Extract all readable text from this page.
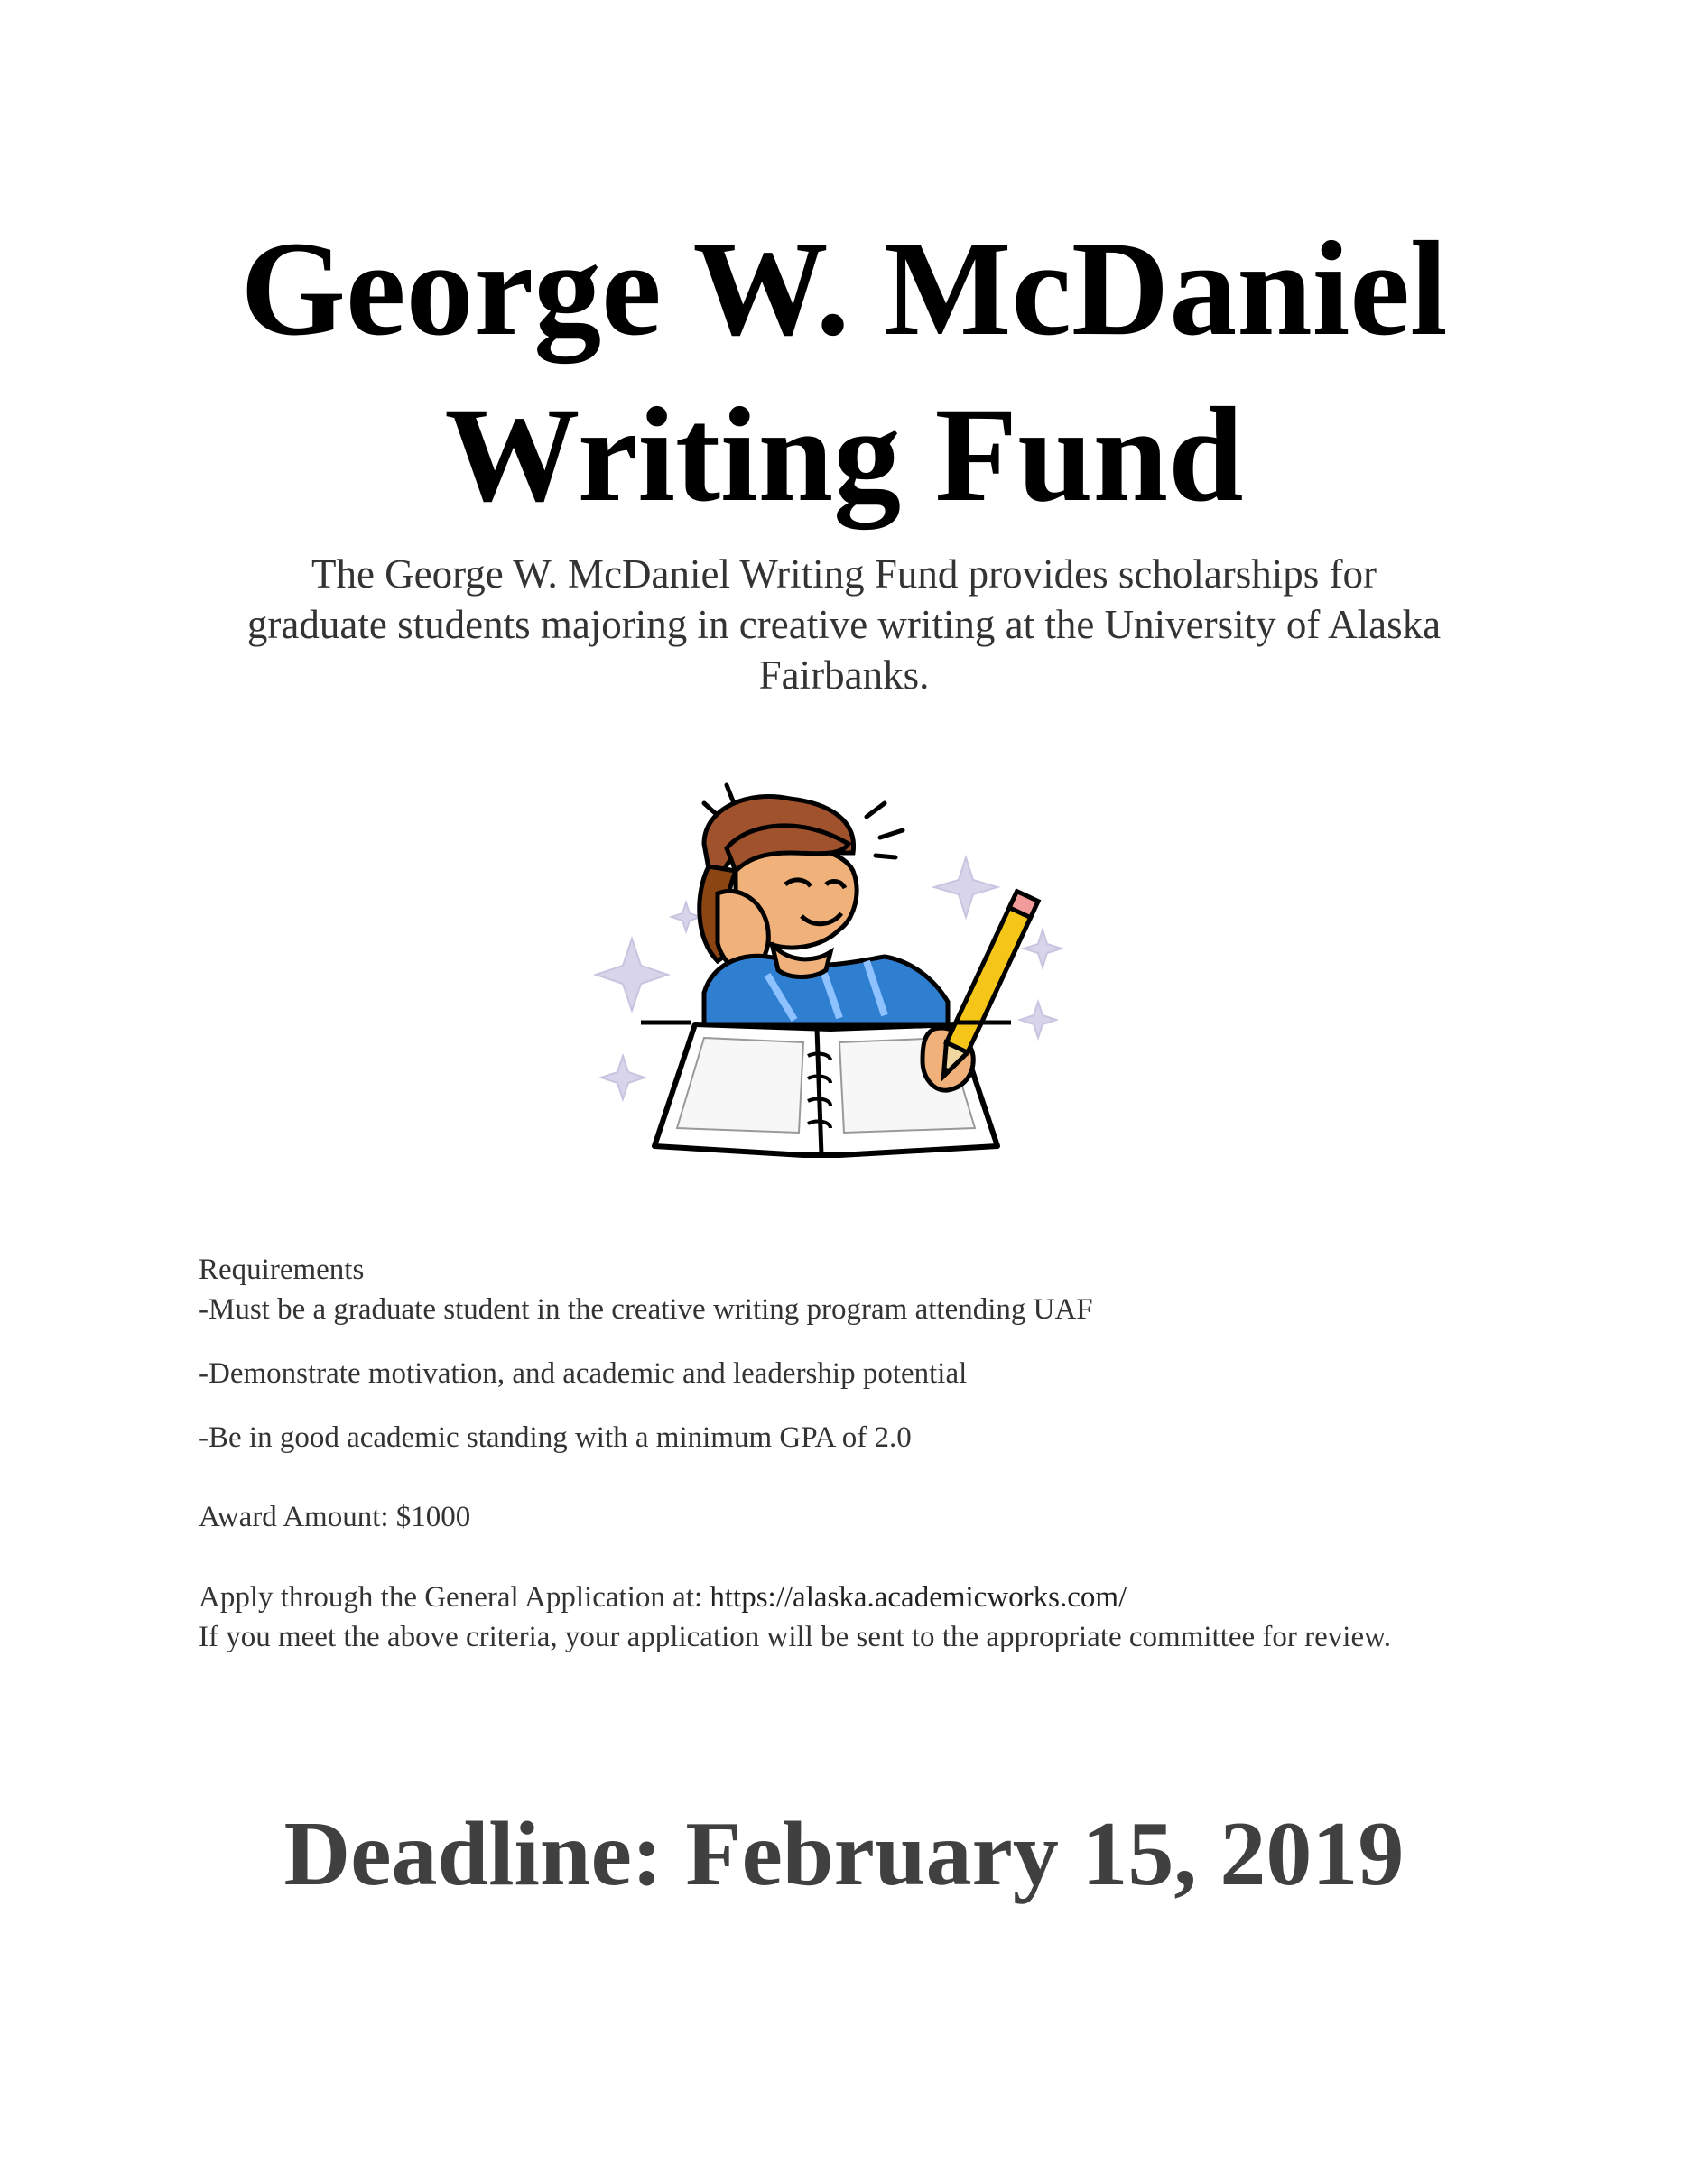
George W. McDaniel
Writing Fund

The George W. McDaniel Writing Fund provides scholarships for graduate students majoring in creative writing at the University of Alaska Fairbanks.

Requirements
-Must be a graduate student in the creative writing program attending UAF
-Demonstrate motivation, and academic and leadership potential
-Be in good academic standing with a minimum GPA of 2.0
Award Amount: $1000
Apply through the General Application at: https://alaska.academicworks.com/
If you meet the above criteria, your application will be sent to the appropriate committee for review.
Deadline: February 15, 2019
